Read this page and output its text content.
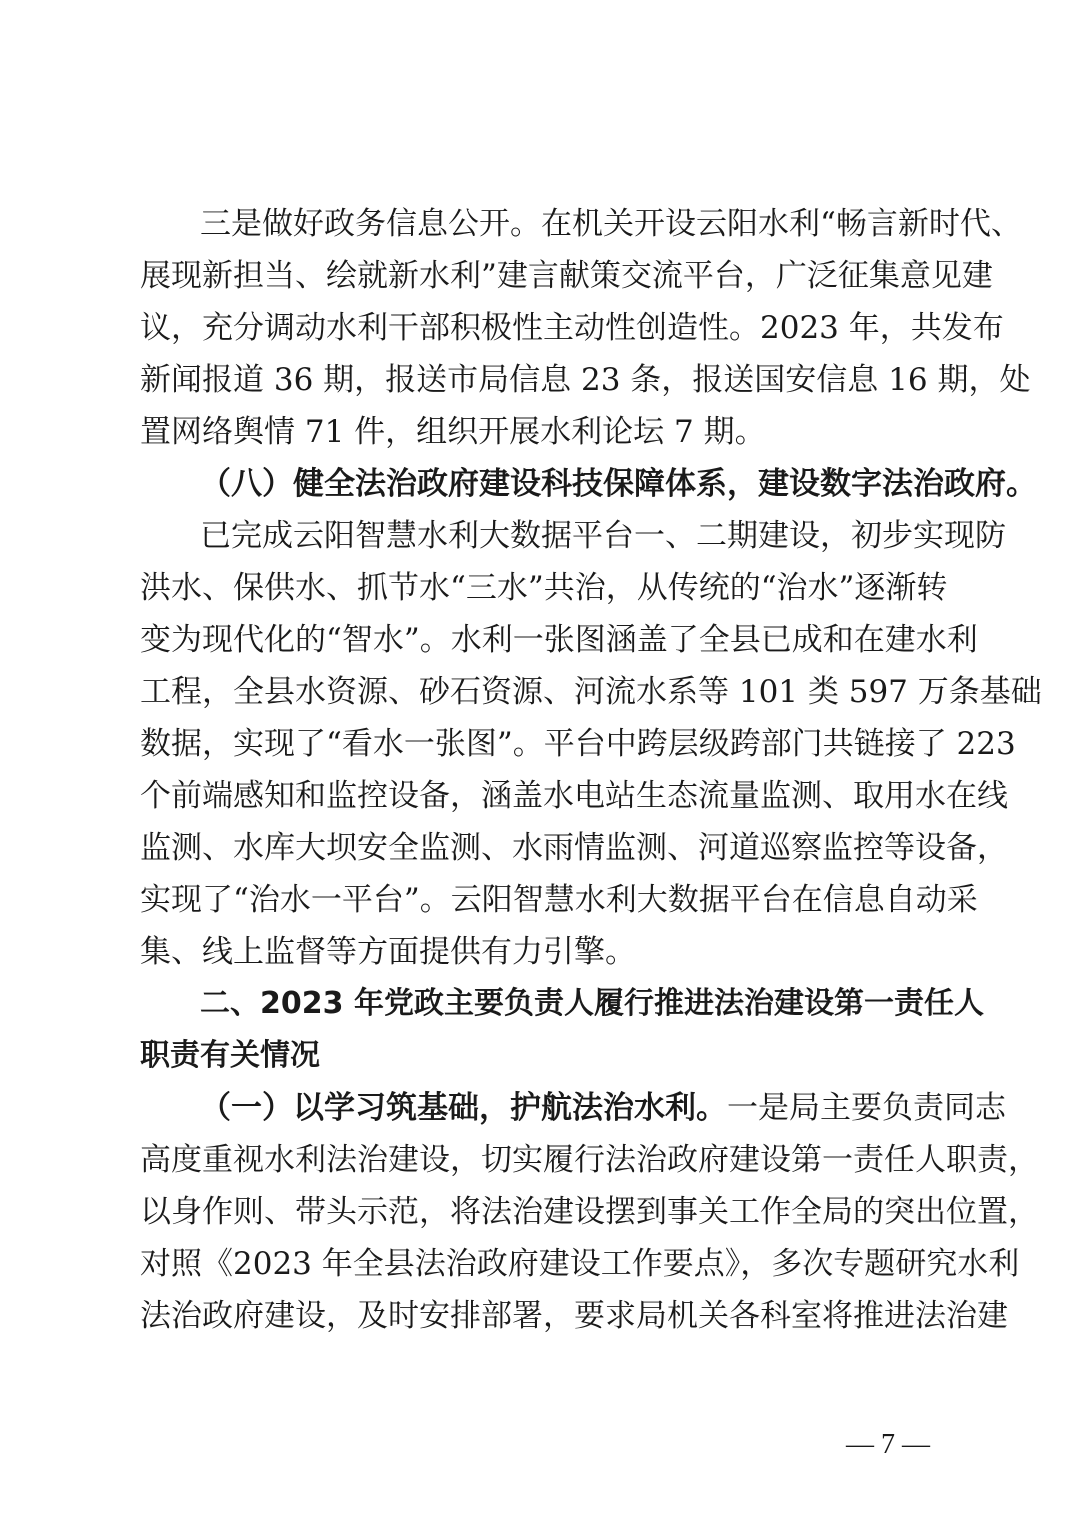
三是做好政务信息公开。在机关开设云阳水利“畅言新时代、
展现新担当、绘就新水利”建言献策交流平台，广泛征集意见建
议，充分调动水利干部积极性主动性创造性。2023 年，共发布
新闻报道 36 期，报送市局信息 23 条，报送国安信息 16 期，处
置网络舆情 71 件，组织开展水利论坛 7 期。
（八）健全法治政府建设科技保障体系，建设数字法治政府。
已完成云阳智慧水利大数据平台一、二期建设，初步实现防
洪水、保供水、抓节水“三水”共治，从传统的“治水”逐渐转
变为现代化的“智水”。水利一张图涵盖了全县已成和在建水利
工程，全县水资源、砂石资源、河流水系等 101 类 597 万条基础
数据，实现了“看水一张图”。平台中跨层级跨部门共链接了 223
个前端感知和监控设备，涵盖水电站生态流量监测、取用水在线
监测、水库大坝安全监测、水雨情监测、河道巡察监控等设备，
实现了“治水一平台”。云阳智慧水利大数据平台在信息自动采
集、线上监督等方面提供有力引擎。
二、2023 年党政主要负责人履行推进法治建设第一责任人
职责有关情况
（一）以学习筑基础，护航法治水利。一是局主要负责同志
高度重视水利法治建设，切实履行法治政府建设第一责任人职责，
以身作则、带头示范，将法治建设摆到事关工作全局的突出位置，
对照《2023 年全县法治政府建设工作要点》，多次专题研究水利
法治政府建设，及时安排部署，要求局机关各科室将推进法治建
— 7 —
